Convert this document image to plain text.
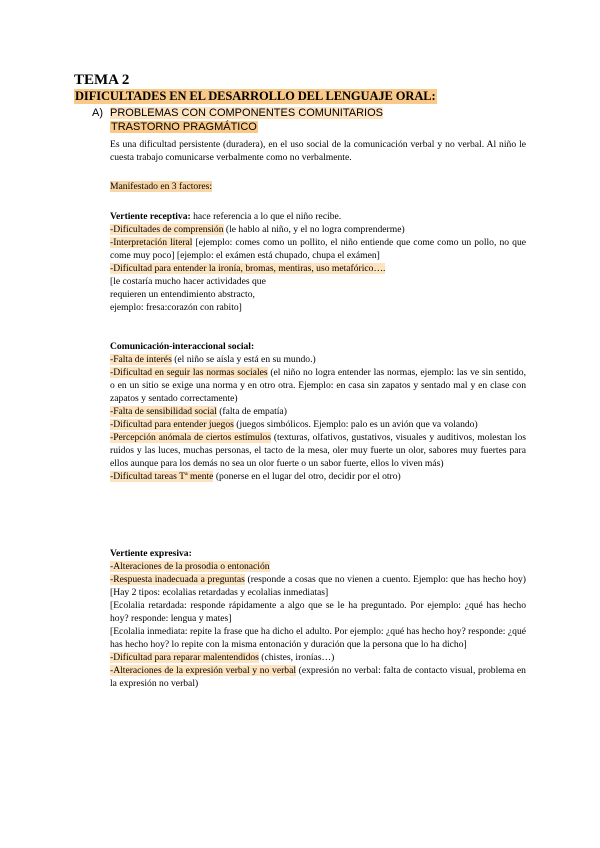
TEMA 2
DIFICULTADES EN EL DESARROLLO DEL LENGUAJE ORAL:
A) PROBLEMAS CON COMPONENTES COMUNITARIOS
TRASTORNO PRAGMÁTICO
Es una dificultad persistente (duradera), en el uso social de la comunicación verbal y no verbal. Al niño le cuesta trabajo comunicarse verbalmente como no verbalmente.
Manifestado en 3 factores:

Vertiente receptiva: hace referencia a lo que el niño recibe.

-Dificultades de comprensión (le hablo al niño, y el no logra comprenderme)

-Interpretación literal [ejemplo: comes como un pollito, el niño entiende que come como un pollo, no que come muy poco] [ejemplo: el exámen está chupado, chupa el exámen]

-Dificultad para entender la ironía, bromas, mentiras, uso metafórico….

[le costaría mucho hacer actividades que

requieren un entendimiento abstracto,

ejemplo: fresa:corazón con rabito]

Comunicación-interaccional social:

-Falta de interés (el niño se aísla y está en su mundo.)

-Dificultad en seguir las normas sociales (el niño no logra entender las normas, ejemplo: las ve sin sentido, o en un sitio se exige una norma y en otro otra. Ejemplo: en casa sin zapatos y sentado mal y en clase con zapatos y sentado correctamente)

-Falta de sensibilidad social (falta de empatía)

-Dificultad para entender juegos (juegos simbólicos. Ejemplo: palo es un avión que va volando)

-Percepción anómala de ciertos estímulos (texturas, olfativos, gustativos, visuales y auditivos, molestan los ruidos y las luces, muchas personas, el tacto de la mesa, oler muy fuerte un olor, sabores muy fuertes para ellos aunque para los demás no sea un olor fuerte o un sabor fuerte, ellos lo viven más)

-Dificultad tareas Tª mente (ponerse en el lugar del otro, decidir por el otro)

Vertiente expresiva:

-Alteraciones de la prosodia o entonación

-Respuesta inadecuada a preguntas (responde a cosas que no vienen a cuento. Ejemplo: que has hecho hoy) [Hay 2 tipos: ecolalias retardadas y ecolalias inmediatas]

[Ecolalia retardada: responde rápidamente a algo que se le ha preguntado. Por ejemplo: ¿qué has hecho hoy? responde: lengua y mates]

[Ecolalia inmediata: repite la frase que ha dicho el adulto. Por ejemplo: ¿qué has hecho hoy? responde: ¿qué has hecho hoy? lo repite con la misma entonación y duración que la persona que lo ha dicho]

-Dificultad para reparar malentendidos (chistes, ironías…)

-Alteraciones de la expresión verbal y no verbal (expresión no verbal: falta de contacto visual, problema en la expresión no verbal)
